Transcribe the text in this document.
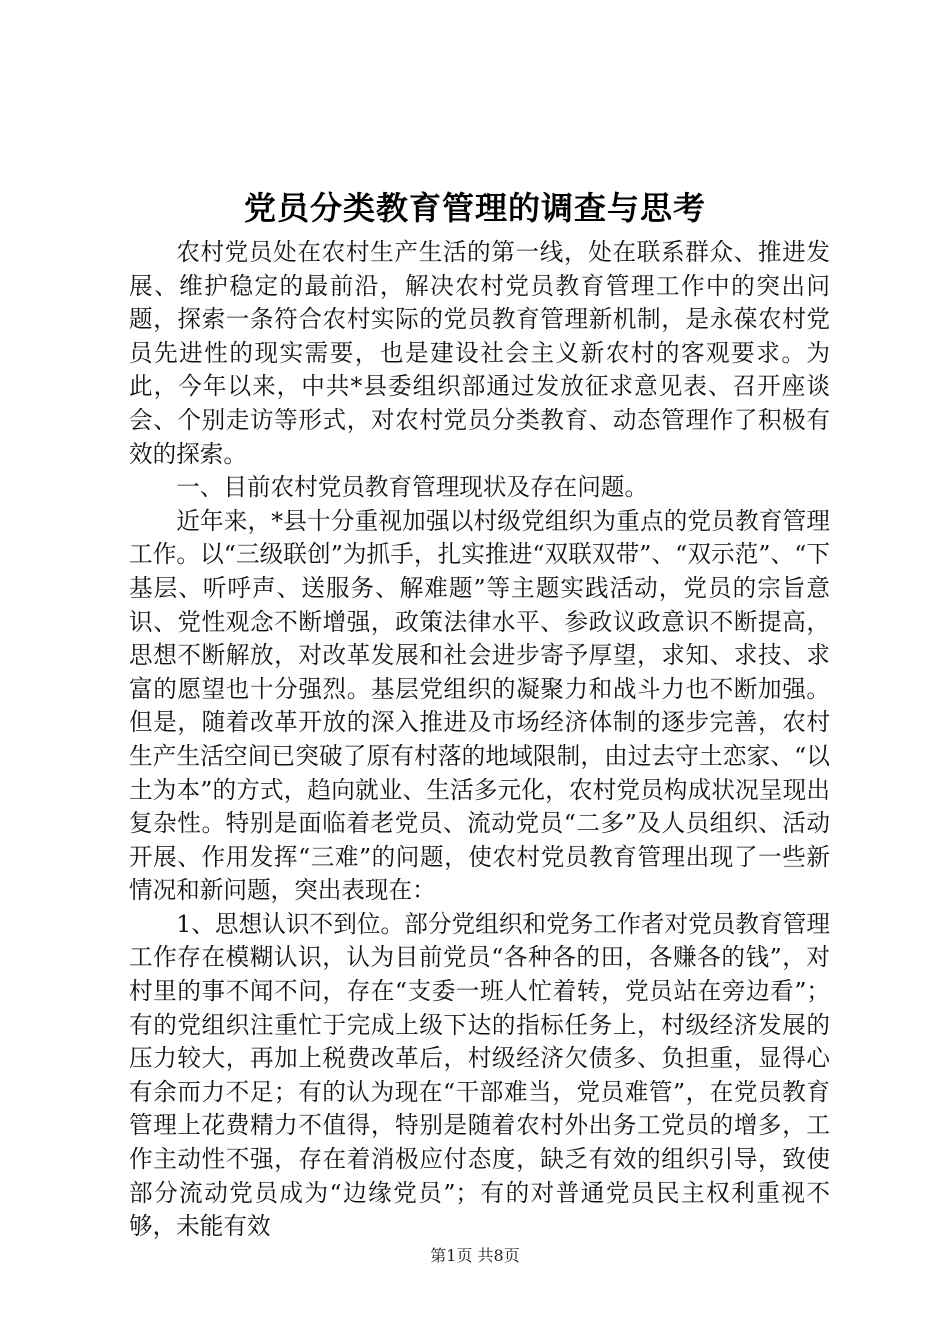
党员分类教育管理的调查与思考

农村党员处在农村生产生活的第一线，处在联系群众、推进发展、维护稳定的最前沿，解决农村党员教育管理工作中的突出问题，探索一条符合农村实际的党员教育管理新机制，是永葆农村党员先进性的现实需要，也是建设社会主义新农村的客观要求。为此，今年以来，中共*县委组织部通过发放征求意见表、召开座谈会、个别走访等形式，对农村党员分类教育、动态管理作了积极有效的探索。

一、目前农村党员教育管理现状及存在问题。

近年来，*县十分重视加强以村级党组织为重点的党员教育管理工作。以“三级联创”为抓手，扎实推进“双联双带”、“双示范”、“下基层、听呼声、送服务、解难题”等主题实践活动，党员的宗旨意识、党性观念不断增强，政策法律水平、参政议政意识不断提高，思想不断解放，对改革发展和社会进步寄予厚望，求知、求技、求富的愿望也十分强烈。基层党组织的凝聚力和战斗力也不断加强。但是，随着改革开放的深入推进及市场经济体制的逐步完善，农村生产生活空间已突破了原有村落的地域限制，由过去守土恋家、“以土为本”的方式，趋向就业、生活多元化，农村党员构成状况呈现出复杂性。特别是面临着老党员、流动党员“二多”及人员组织、活动开展、作用发挥“三难”的问题，使农村党员教育管理出现了一些新情况和新问题，突出表现在：

1、思想认识不到位。部分党组织和党务工作者对党员教育管理工作存在模糊认识，认为目前党员“各种各的田，各赚各的钱”，对村里的事不闻不问，存在“支委一班人忙着转，党员站在旁边看”；有的党组织注重忙于完成上级下达的指标任务上，村级经济发展的压力较大，再加上税费改革后，村级经济欠债多、负担重，显得心有余而力不足；有的认为现在“干部难当，党员难管”，在党员教育管理上花费精力不值得，特别是随着农村外出务工党员的增多，工作主动性不强，存在着消极应付态度，缺乏有效的组织引导，致使部分流动党员成为“边缘党员”；有的对普通党员民主权利重视不够，未能有效

第1页 共8页
